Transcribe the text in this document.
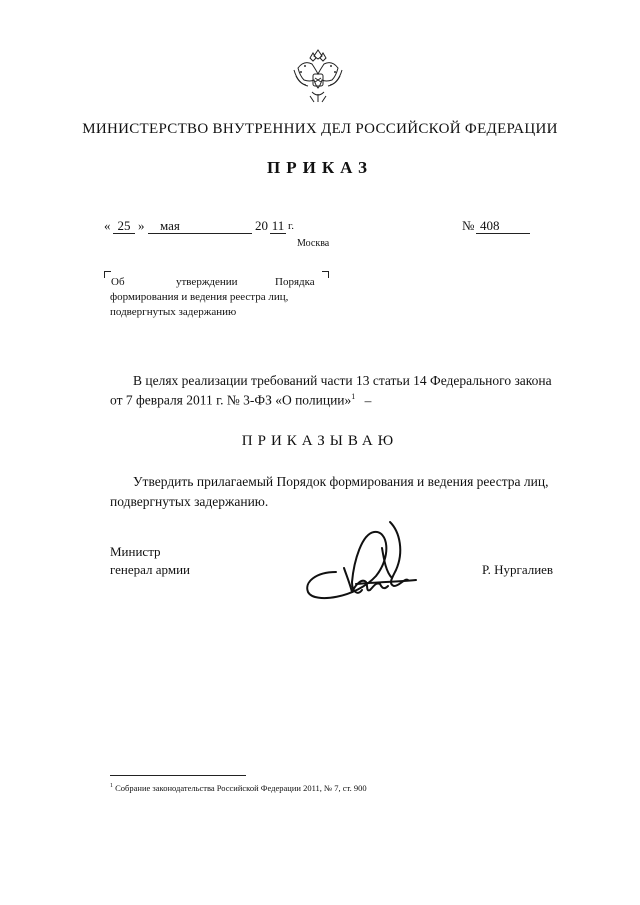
МИНИСТЕРСТВО ВНУТРЕННИХ ДЕЛ РОССИЙСКОЙ ФЕДЕРАЦИИ
ПРИКАЗ
« 25 »	мая	20 11 г.	№ 408
Москва
Об	утверждении	Порядка
формирования и ведения реестра лиц,
подвергнутых задержанию
В целях реализации требований части 13 статьи 14 Федерального закона
от 7 февраля 2011 г. № 3-ФЗ «О полиции»$^1$ –
ПРИКАЗЫВАЮ
Утвердить прилагаемый Порядок формирования и ведения реестра лиц,
подвергнутых задержанию.
Министр
генерал армии	Р. Нургалиев
$^1$ Собрание законодательства Российской Федерации 2011, № 7, ст. 900
